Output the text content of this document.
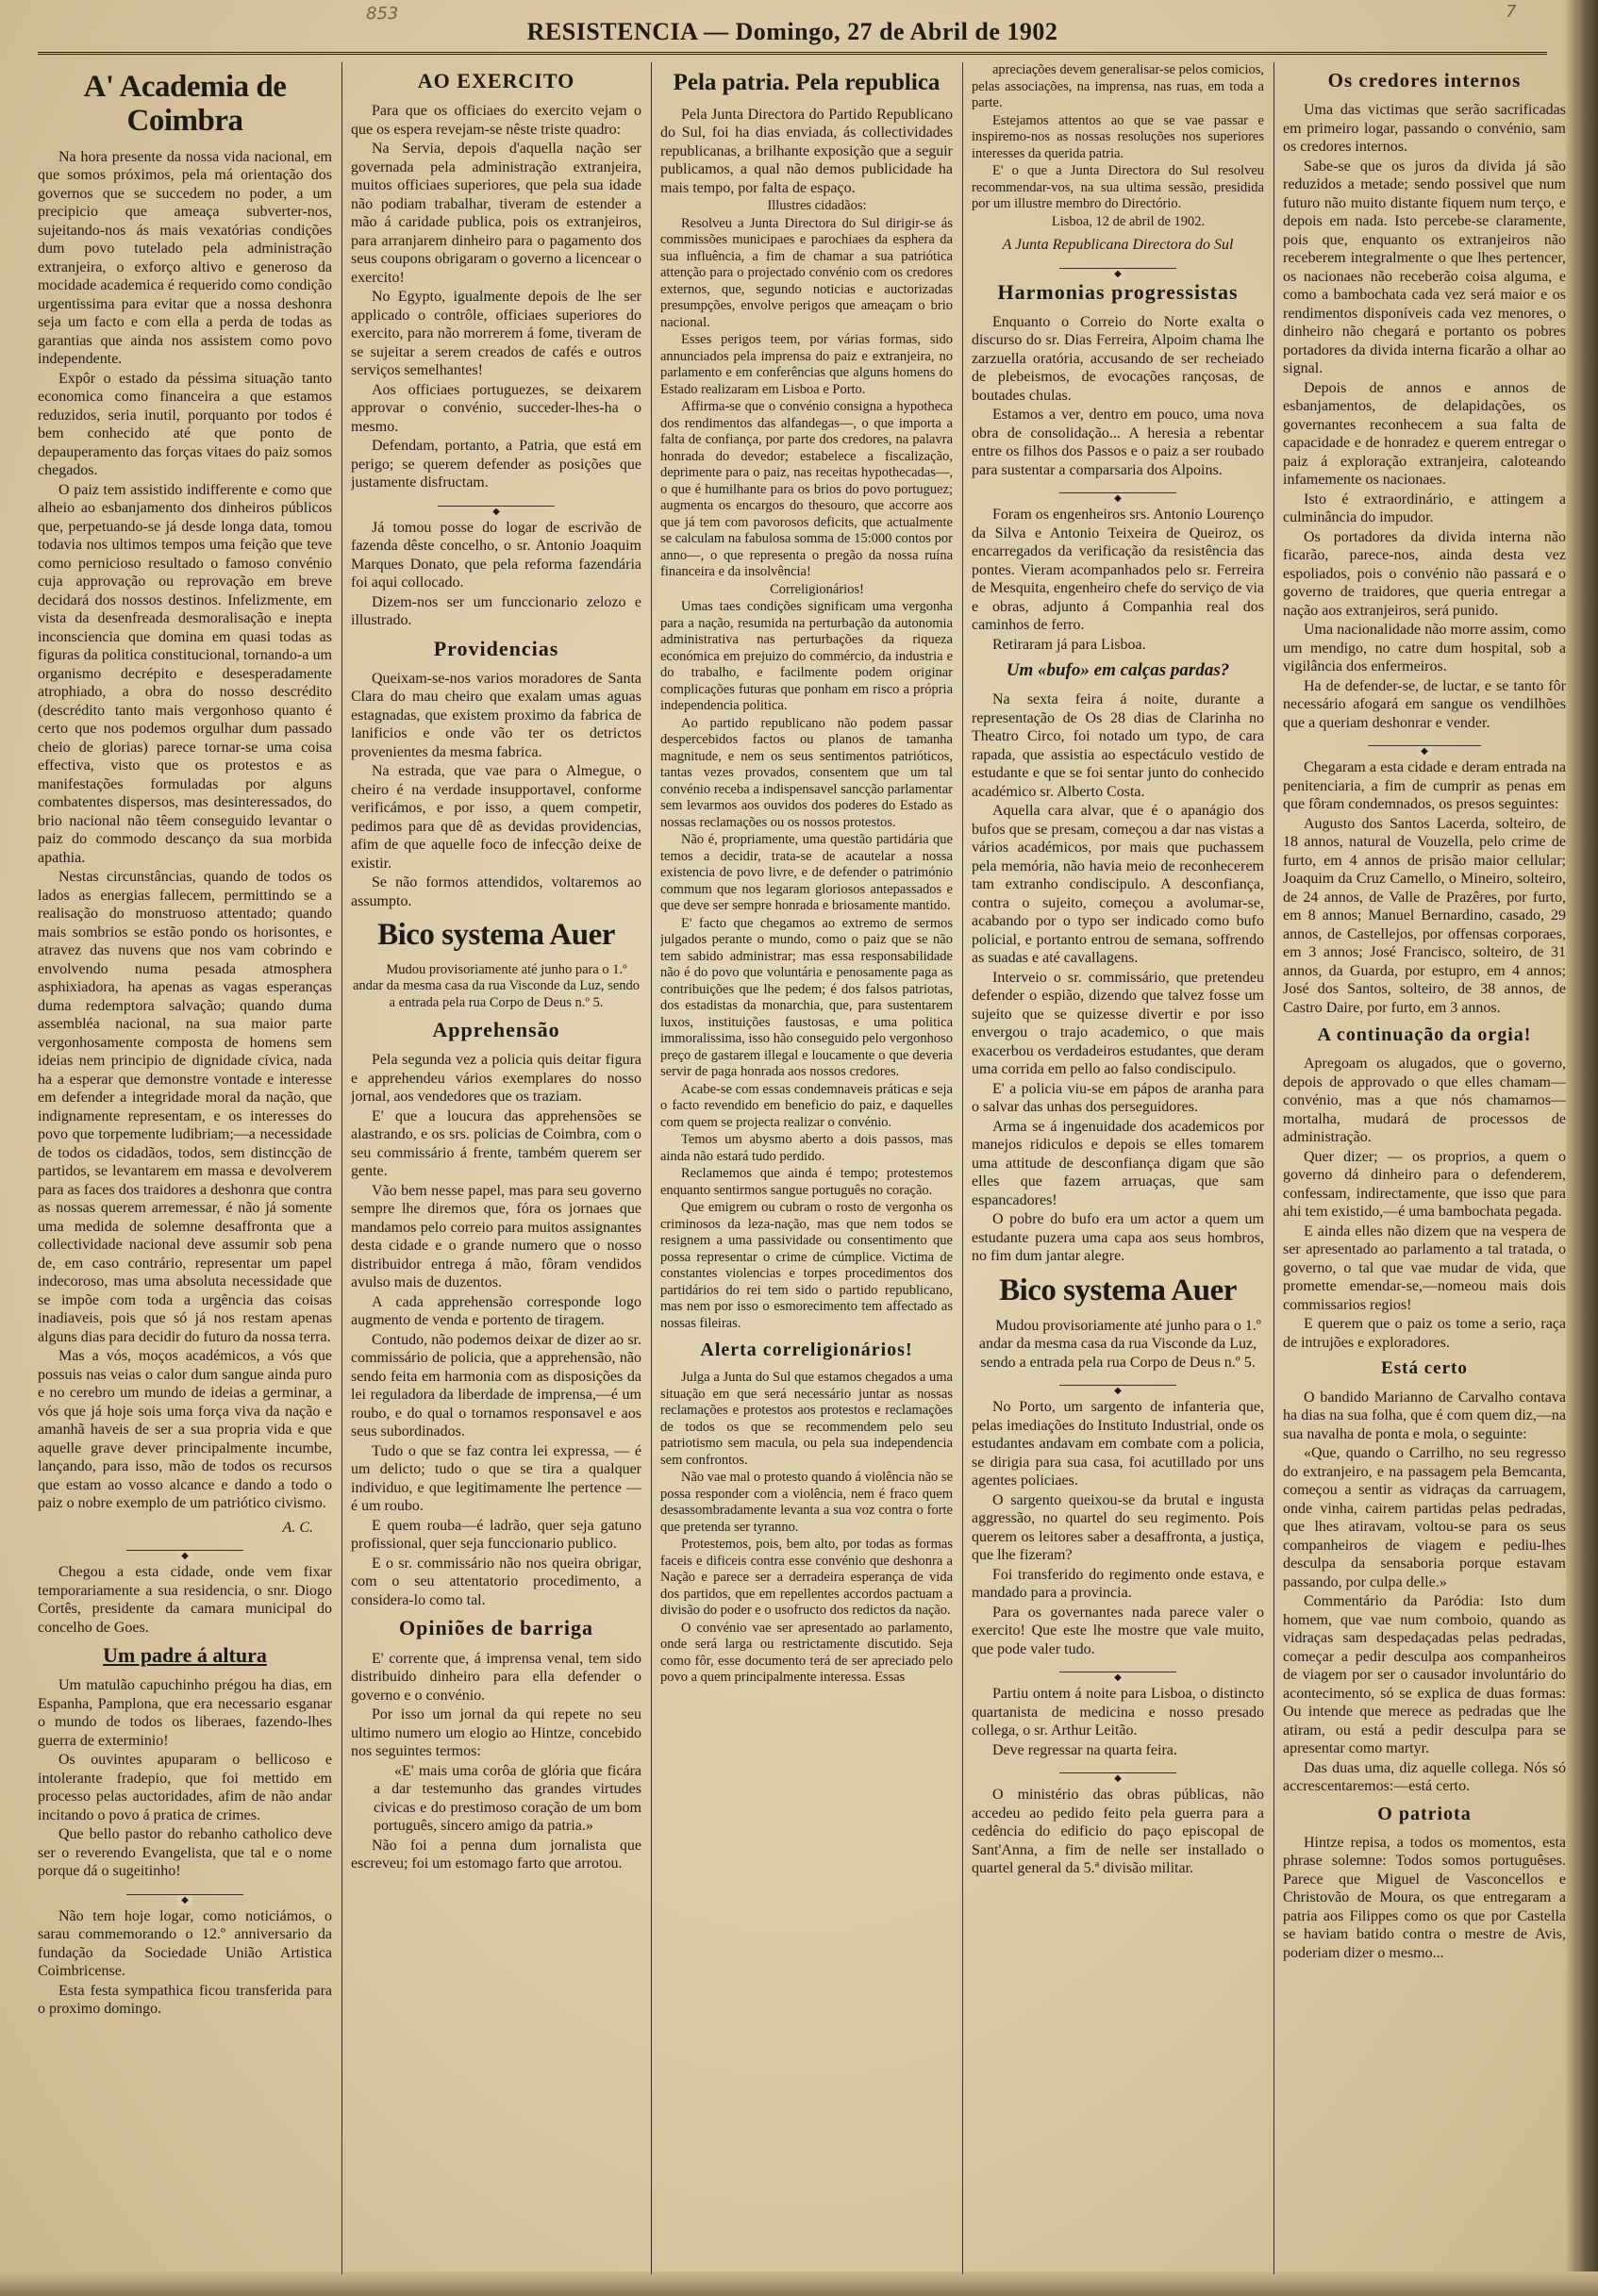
853	7
RESISTENCIA — Domingo, 27 de Abril de 1902
A' Academia de Coimbra

Na hora presente da nossa vida nacional, em que somos próximos, pela má orientação dos governos que se succedem no poder, a um precipicio que ameaça subverter-nos, sujeitando-nos ás mais vexatórias condições dum povo tutelado pela administração extranjeira, o exforço altivo e generoso da mocidade academica é requerido como condição urgentissima para evitar que a nossa deshonra seja um facto e com ella a perda de todas as garantias que ainda nos assistem como povo independente.

Expôr o estado da péssima situação tanto economica como financeira a que estamos reduzidos, seria inutil, porquanto por todos é bem conhecido até que ponto de depauperamento das forças vitaes do paiz somos chegados.

O paiz tem assistido indifferente e como que alheio ao esbanjamento dos dinheiros públicos que, perpetuando-se já desde longa data, tomou todavia nos ultimos tempos uma feição que teve como pernicioso resultado o famoso convénio cuja approvação ou reprovação em breve decidará dos nossos destinos. Infelizmente, em vista da desenfreada desmoralisação e inepta inconsciencia que domina em quasi todas as figuras da politica constitucional, tornando-a um organismo decrépito e desesperadamente atrophiado, a obra do nosso descrédito (descrédito tanto mais vergonhoso quanto é certo que nos podemos orgulhar dum passado cheio de glorias) parece tornar-se uma coisa effectiva, visto que os protestos e as manifestações formuladas por alguns combatentes dispersos, mas desinteressados, do brio nacional não têem conseguido levantar o paiz do commodo descanço da sua morbida apathia.

Nestas circunstâncias, quando de todos os lados as energias fallecem, permittindo se a realisação do monstruoso attentado; quando mais sombrios se estão pondo os horisontes, e atravez das nuvens que nos vam cobrindo e envolvendo numa pesada atmosphera asphixiadora, ha apenas as vagas esperanças duma redemptora salvação; quando duma assembléa nacional, na sua maior parte vergonhosamente composta de homens sem ideias nem principio de dignidade cívica, nada ha a esperar que demonstre vontade e interesse em defender a integridade moral da nação, que indignamente representam, e os interesses do povo que torpemente ludibriam;—a necessidade de todos os cidadãos, todos, sem distincção de partidos, se levantarem em massa e devolverem para as faces dos traidores a deshonra que contra as nossas querem arremessar, é não já somente uma medida de solemne desaffronta que a collectividade nacional deve assumir sob pena de, em caso contrário, representar um papel indecoroso, mas uma absoluta necessidade que se impõe com toda a urgência das coisas inadiaveis, pois que só já nos restam apenas alguns dias para decidir do futuro da nossa terra.

Mas a vós, moços académicos, a vós que possuis nas veias o calor dum sangue ainda puro e no cerebro um mundo de ideias a germinar, a vós que já hoje sois uma força viva da nação e amanhã haveis de ser a sua propria vida e que aquelle grave dever principalmente incumbe, lançando, para isso, mão de todos os recursos que estam ao vosso alcance e dando a todo o paiz o nobre exemplo de um patriótico civismo.

A. C.
◆

Chegou a esta cidade, onde vem fixar temporariamente a sua residencia, o snr. Diogo Cortês, presidente da camara municipal do concelho de Goes.

Um padre á altura

Um matulão capuchinho prégou ha dias, em Espanha, Pamplona, que era necessario esganar o mundo de todos os liberaes, fazendo-lhes guerra de exterminio!

Os ouvintes apuparam o bellicoso e intolerante fradepio, que foi mettido em processo pelas auctoridades, afim de não andar incitando o povo á pratica de crimes.

Que bello pastor do rebanho catholico deve ser o reverendo Evangelista, que tal e o nome porque dá o sugeitinho!

◆

Não tem hoje logar, como noticiámos, o sarau commemorando o 12.º anniversario da fundação da Sociedade União Artistica Coimbricense.

Esta festa sympathica ficou transferida para o proximo domingo.

AO EXERCITO

Para que os officiaes do exercito vejam o que os espera revejam-se nêste triste quadro:

Na Servia, depois d'aquella nação ser governada pela administração extranjeira, muitos officiaes superiores, que pela sua idade não podiam trabalhar, tiveram de estender a mão á caridade publica, pois os extranjeiros, para arranjarem dinheiro para o pagamento dos seus coupons obrigaram o governo a licencear o exercito!

No Egypto, igualmente depois de lhe ser applicado o contrôle, officiaes superiores do exercito, para não morrerem á fome, tiveram de se sujeitar a serem creados de cafés e outros serviços semelhantes!

Aos officiaes portuguezes, se deixarem approvar o convénio, succeder-lhes-ha o mesmo.

Defendam, portanto, a Patria, que está em perigo; se querem defender as posições que justamente disfructam.

◆

Já tomou posse do logar de escrivão de fazenda dêste concelho, o sr. Antonio Joaquim Marques Donato, que pela reforma fazendária foi aqui collocado.

Dizem-nos ser um funccionario zelozo e illustrado.

Providencias

Queixam-se-nos varios moradores de Santa Clara do mau cheiro que exalam umas aguas estagnadas, que existem proximo da fabrica de lanificios e onde vão ter os detrictos provenientes da mesma fabrica.

Na estrada, que vae para o Almegue, o cheiro é na verdade insupportavel, conforme verificámos, e por isso, a quem competir, pedimos para que dê as devidas providencias, afim de que aquelle foco de infecção deixe de existir.

Se não formos attendidos, voltaremos ao assumpto.

Bico systema Auer

Mudou provisoriamente até junho para o 1.º andar da mesma casa da rua Visconde da Luz, sendo a entrada pela rua Corpo de Deus n.º 5.

Apprehensão

Pela segunda vez a policia quis deitar figura e apprehendeu vários exemplares do nosso jornal, aos vendedores que os traziam.

E' que a loucura das apprehensões se alastrando, e os srs. policias de Coimbra, com o seu commissário á frente, também querem ser gente.

Vão bem nesse papel, mas para seu governo sempre lhe diremos que, fóra os jornaes que mandamos pelo correio para muitos assignantes desta cidade e o grande numero que o nosso distribuidor entrega á mão, fôram vendidos avulso mais de duzentos.

A cada apprehensão corresponde logo augmento de venda e portento de tiragem.

Contudo, não podemos deixar de dizer ao sr. commissário de policia, que a apprehensão, não sendo feita em harmonia com as disposições da lei reguladora da liberdade de imprensa,—é um roubo, e do qual o tornamos responsavel e aos seus subordinados.

Tudo o que se faz contra lei expressa, — é um delicto; tudo o que se tira a qualquer individuo, e que legitimamente lhe pertence — é um roubo.

E quem rouba—é ladrão, quer seja gatuno profissional, quer seja funccionario publico.

E o sr. commissário não nos queira obrigar, com o seu attentatorio procedimento, a considera-lo como tal.

Opiniões de barriga

E' corrente que, á imprensa venal, tem sido distribuido dinheiro para ella defender o governo e o convénio.

Por isso um jornal da qui repete no seu ultimo numero um elogio ao Hintze, concebido nos seguintes termos:

«E' mais uma corôa de glória que ficára a dar testemunho das grandes virtudes civicas e do prestimoso coração de um bom português, sincero amigo da patria.»

Não foi a penna dum jornalista que escreveu; foi um estomago farto que arrotou.

Pela patria. Pela republica

Pela Junta Directora do Partido Republicano do Sul, foi ha dias enviada, ás collectividades republicanas, a brilhante exposição que a seguir publicamos, a qual não demos publicidade ha mais tempo, por falta de espaço.

Illustres cidadãos:

Resolveu a Junta Directora do Sul dirigir-se ás commissões municipaes e parochiaes da esphera da sua influência, a fim de chamar a sua patriótica attenção para o projectado convénio com os credores externos, que, segundo noticias e auctorizadas presumpções, envolve perigos que ameaçam o brio nacional.

Esses perigos teem, por várias formas, sido annunciados pela imprensa do paiz e extranjeira, no parlamento e em conferências que alguns homens do Estado realizaram em Lisboa e Porto.

Affirma-se que o convénio consigna a hypotheca dos rendimentos das alfandegas—, o que importa a falta de confiança, por parte dos credores, na palavra honrada do devedor; estabelece a fiscalização, deprimente para o paiz, nas receitas hypothecadas—, o que é humilhante para os brios do povo portuguez; augmenta os encargos do thesouro, que accorre aos que já tem com pavorosos deficits, que actualmente se calculam na fabulosa somma de 15:000 contos por anno—, o que representa o pregão da nossa ruína financeira e da insolvência!

Correligionários!

Umas taes condições significam uma vergonha para a nação, resumida na perturbação da autonomia administrativa nas perturbações da riqueza económica em prejuizo do commércio, da industria e do trabalho, e facilmente podem originar complicações futuras que ponham em risco a própria independencia politica.

Ao partido republicano não podem passar despercebidos factos ou planos de tamanha magnitude, e nem os seus sentimentos patrióticos, tantas vezes provados, consentem que um tal convénio receba a indispensavel sancção parlamentar sem levarmos aos ouvidos dos poderes do Estado as nossas reclamações ou os nossos protestos.

Não é, propriamente, uma questão partidária que temos a decidir, trata-se de acautelar a nossa existencia de povo livre, e de defender o património commum que nos legaram gloriosos antepassados e que deve ser sempre honrada e briosamente mantido.

E' facto que chegamos ao extremo de sermos julgados perante o mundo, como o paiz que se não tem sabido administrar; mas essa responsabilidade não é do povo que voluntária e penosamente paga as contribuições que lhe pedem; é dos falsos patriotas, dos estadistas da monarchia, que, para sustentarem luxos, instituições faustosas, e uma politica immoralissima, isso hão conseguido pelo vergonhoso preço de gastarem illegal e loucamente o que deveria servir de paga honrada aos nossos credores.

Acabe-se com essas condemnaveis práticas e seja o facto revendido em beneficio do paiz, e daquelles com quem se projecta realizar o convénio.

Temos um abysmo aberto a dois passos, mas ainda não estará tudo perdido.

Reclamemos que ainda é tempo; protestemos enquanto sentirmos sangue português no coração.

Que emigrem ou cubram o rosto de vergonha os criminosos da leza-nação, mas que nem todos se resignem a uma passividade ou consentimento que possa representar o crime de cúmplice. Victima de constantes violencias e torpes procedimentos dos partidários do rei tem sido o partido republicano, mas nem por isso o esmorecimento tem affectado as nossas fileiras.

Alerta correligionários!

Julga a Junta do Sul que estamos chegados a uma situação em que será necessário juntar as nossas reclamações e protestos aos protestos e reclamações de todos os que se recommendem pelo seu patriotismo sem macula, ou pela sua independencia sem confrontos.

Não vae mal o protesto quando á violência não se possa responder com a violência, nem é fraco quem desassombradamente levanta a sua voz contra o forte que pretenda ser tyranno.

Protestemos, pois, bem alto, por todas as formas faceis e dificeis contra esse convénio que deshonra a Nação e parece ser a derradeira esperança de vida dos partidos, que em repellentes accordos pactuam a divisão do poder e o usofructo dos redictos da nação.

O convénio vae ser apresentado ao parlamento, onde será larga ou restrictamente discutido. Seja como fôr, esse documento terá de ser apreciado pelo povo a quem principalmente interessa. Essas

apreciações devem generalisar-se pelos comicios, pelas associações, na imprensa, nas ruas, em toda a parte.

Estejamos attentos ao que se vae passar e inspiremo-nos as nossas resoluções nos superiores interesses da querida patria.

E' o que a Junta Directora do Sul resolveu recommendar-vos, na sua ultima sessão, presidida por um illustre membro do Directório.

Lisboa, 12 de abril de 1902.

A Junta Republicana Directora do Sul
◆
Harmonias progressistas

Enquanto o Correio do Norte exalta o discurso do sr. Dias Ferreira, Alpoim chama lhe zarzuella oratória, accusando de ser recheiado de plebeismos, de evocações rançosas, de boutades chulas.

Estamos a ver, dentro em pouco, uma nova obra de consolidação... A heresia a rebentar entre os filhos dos Passos e o paiz a ser roubado para sustentar a comparsaria dos Alpoins.

◆

Foram os engenheiros srs. Antonio Lourenço da Silva e Antonio Teixeira de Queiroz, os encarregados da verificação da resistência das pontes. Vieram acompanhados pelo sr. Ferreira de Mesquita, engenheiro chefe do serviço de via e obras, adjunto á Companhia real dos caminhos de ferro.

Retiraram já para Lisboa.

Um «bufo» em calças pardas?

Na sexta feira á noite, durante a representação de Os 28 dias de Clarinha no Theatro Circo, foi notado um typo, de cara rapada, que assistia ao espectáculo vestido de estudante e que se foi sentar junto do conhecido académico sr. Alberto Costa.

Aquella cara alvar, que é o apanágio dos bufos que se presam, começou a dar nas vistas a vários académicos, por mais que puchassem pela memória, não havia meio de reconhecerem tam extranho condiscipulo. A desconfiança, contra o sujeito, começou a avolumar-se, acabando por o typo ser indicado como bufo policial, e portanto entrou de semana, soffrendo as suadas e até cavallagens.

Interveio o sr. commissário, que pretendeu defender o espião, dizendo que talvez fosse um sujeito que se quizesse divertir e por isso envergou o trajo academico, o que mais exacerbou os verdadeiros estudantes, que deram uma corrida em pello ao falso condiscipulo.

E' a policia viu-se em pápos de aranha para o salvar das unhas dos perseguidores.

Arma se á ingenuidade dos academicos por manejos ridiculos e depois se elles tomarem uma attitude de desconfiança digam que são elles que fazem arruaças, que sam espancadores!

O pobre do bufo era um actor a quem um estudante puzera uma capa aos seus hombros, no fim dum jantar alegre.

Bico systema Auer

Mudou provisoriamente até junho para o 1.º andar da mesma casa da rua Visconde da Luz, sendo a entrada pela rua Corpo de Deus n.º 5.

◆

No Porto, um sargento de infanteria que, pelas imediações do Instituto Industrial, onde os estudantes andavam em combate com a policia, se dirigia para sua casa, foi acutillado por uns agentes policiaes.

O sargento queixou-se da brutal e ingusta aggressão, no quartel do seu regimento. Pois querem os leitores saber a desaffronta, a justiça, que lhe fizeram?

Foi transferido do regimento onde estava, e mandado para a provincia.

Para os governantes nada parece valer o exercito! Que este lhe mostre que vale muito, que pode valer tudo.

◆

Partiu ontem á noite para Lisboa, o distincto quartanista de medicina e nosso presado collega, o sr. Arthur Leitão.

Deve regressar na quarta feira.

◆

O ministério das obras públicas, não accedeu ao pedido feito pela guerra para a cedência do edificio do paço episcopal de Sant'Anna, a fim de nelle ser installado o quartel general da 5.ª divisão militar.

Os credores internos

Uma das victimas que serão sacrificadas em primeiro logar, passando o convénio, sam os credores internos.

Sabe-se que os juros da divida já são reduzidos a metade; sendo possivel que num futuro não muito distante fiquem num terço, e depois em nada. Isto percebe-se claramente, pois que, enquanto os extranjeiros não receberem integralmente o que lhes pertencer, os nacionaes não receberão coisa alguma, e como a bambochata cada vez será maior e os rendimentos disponíveis cada vez menores, o dinheiro não chegará e portanto os pobres portadores da divida interna ficarão a olhar ao signal.

Depois de annos e annos de esbanjamentos, de delapidações, os governantes reconhecem a sua falta de capacidade e de honradez e querem entregar o paiz á exploração extranjeira, caloteando infamemente os nacionaes.

Isto é extraordinário, e attingem a culminância do impudor.

Os portadores da divida interna não ficarão, parece-nos, ainda desta vez espoliados, pois o convénio não passará e o governo de traidores, que queria entregar a nação aos extranjeiros, será punido.

Uma nacionalidade não morre assim, como um mendigo, no catre dum hospital, sob a vigilância dos enfermeiros.

Ha de defender-se, de luctar, e se tanto fôr necessário afogará em sangue os vendilhões que a queriam deshonrar e vender.

◆

Chegaram a esta cidade e deram entrada na penitenciaria, a fim de cumprir as penas em que fôram condemnados, os presos seguintes:

Augusto dos Santos Lacerda, solteiro, de 18 annos, natural de Vouzella, pelo crime de furto, em 4 annos de prisão maior cellular; Joaquim da Cruz Camello, o Mineiro, solteiro, de 24 annos, de Valle de Prazêres, por furto, em 8 annos; Manuel Bernardino, casado, 29 annos, de Castellejos, por offensas corporaes, em 3 annos; José Francisco, solteiro, de 31 annos, da Guarda, por estupro, em 4 annos; José dos Santos, solteiro, de 38 annos, de Castro Daire, por furto, em 3 annos.

A continuação da orgia!

Apregoam os alugados, que o governo, depois de approvado o que elles chamam—convénio, mas a que nós chamamos—mortalha, mudará de processos de administração.

Quer dizer; — os proprios, a quem o governo dá dinheiro para o defenderem, confessam, indirectamente, que isso que para ahi tem existido,—é uma bambochata pegada.

E ainda elles não dizem que na vespera de ser apresentado ao parlamento a tal tratada, o governo, o tal que vae mudar de vida, que promette emendar-se,—nomeou mais dois commissarios regios!

E querem que o paiz os tome a serio, raça de intrujões e exploradores.

Está certo

O bandido Marianno de Carvalho contava ha dias na sua folha, que é com quem diz,—na sua navalha de ponta e mola, o seguinte:

«Que, quando o Carrilho, no seu regresso do extranjeiro, e na passagem pela Bemcanta, começou a sentir as vidraças da carruagem, onde vinha, cairem partidas pelas pedradas, que lhes atiravam, voltou-se para os seus companheiros de viagem e pediu-lhes desculpa da sensaboria porque estavam passando, por culpa delle.»

Commentário da Paródia: Isto dum homem, que vae num comboio, quando as vidraças sam despedaçadas pelas pedradas, começar a pedir desculpa aos companheiros de viagem por ser o causador involuntário do acontecimento, só se explica de duas formas: Ou intende que merece as pedradas que lhe atiram, ou está a pedir desculpa para se apresentar como martyr.

Das duas uma, diz aquelle collega. Nós só accrescentaremos:—está certo.

O patriota

Hintze repisa, a todos os momentos, esta phrase solemne: Todos somos portuguêses. Parece que Miguel de Vasconcellos e Christovão de Moura, os que entregaram a patria aos Filippes como os que por Castella se haviam batido contra o mestre de Avis, poderiam dizer o mesmo...
